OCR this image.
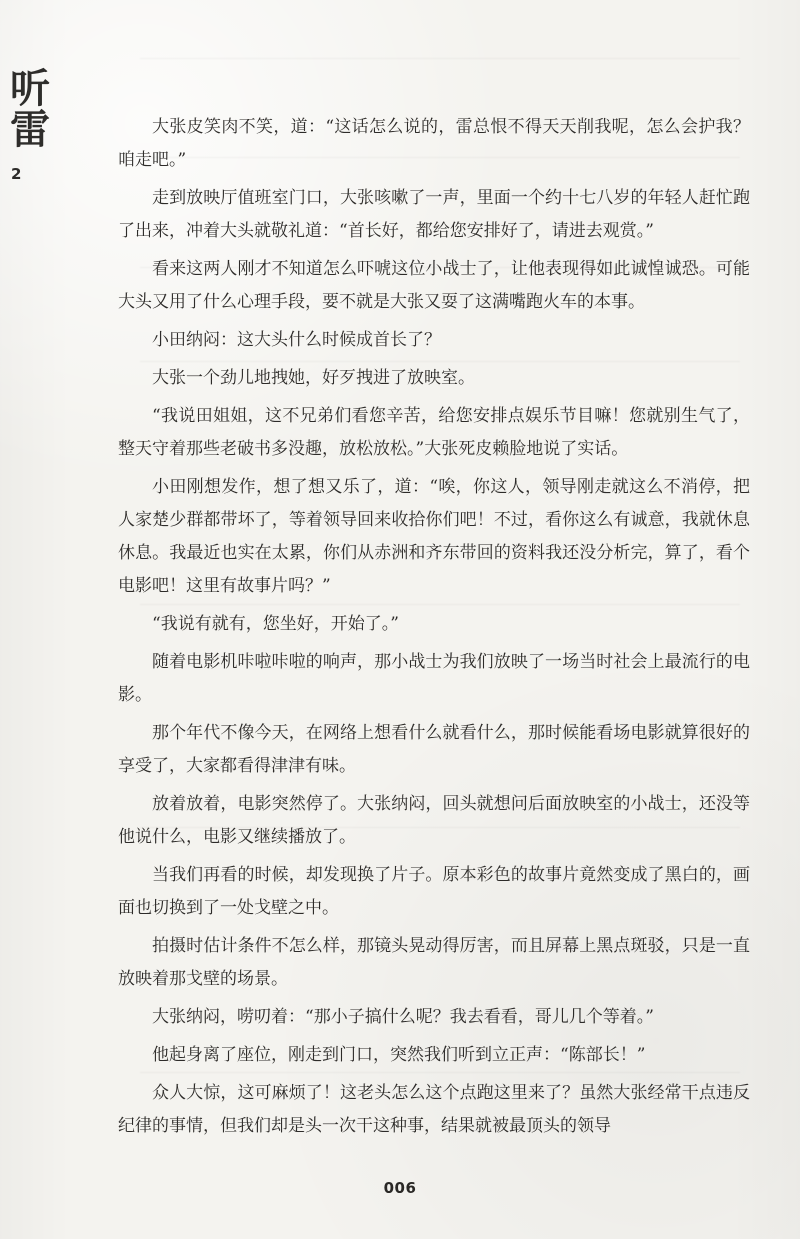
听
雷
2

大张皮笑肉不笑，道：“这话怎么说的，雷总恨不得天天削我呢，怎么会护我？咱走吧。”

走到放映厅值班室门口，大张咳嗽了一声，里面一个约十七八岁的年轻人赶忙跑了出来，冲着大头就敬礼道：“首长好，都给您安排好了，请进去观赏。”

看来这两人刚才不知道怎么吓唬这位小战士了，让他表现得如此诚惶诚恐。可能大头又用了什么心理手段，要不就是大张又耍了这满嘴跑火车的本事。

小田纳闷：这大头什么时候成首长了？

大张一个劲儿地拽她，好歹拽进了放映室。

“我说田姐姐，这不兄弟们看您辛苦，给您安排点娱乐节目嘛！您就别生气了，整天守着那些老破书多没趣，放松放松。”大张死皮赖脸地说了实话。

小田刚想发作，想了想又乐了，道：“唉，你这人，领导刚走就这么不消停，把人家楚少群都带坏了，等着领导回来收拾你们吧！不过，看你这么有诚意，我就休息休息。我最近也实在太累，你们从赤洲和齐东带回的资料我还没分析完，算了，看个电影吧！这里有故事片吗？”

“我说有就有，您坐好，开始了。”

随着电影机咔啦咔啦的响声，那小战士为我们放映了一场当时社会上最流行的电影。

那个年代不像今天，在网络上想看什么就看什么，那时候能看场电影就算很好的享受了，大家都看得津津有味。

放着放着，电影突然停了。大张纳闷，回头就想问后面放映室的小战士，还没等他说什么，电影又继续播放了。

当我们再看的时候，却发现换了片子。原本彩色的故事片竟然变成了黑白的，画面也切换到了一处戈壁之中。

拍摄时估计条件不怎么样，那镜头晃动得厉害，而且屏幕上黑点斑驳，只是一直放映着那戈壁的场景。

大张纳闷，唠叨着：“那小子搞什么呢？我去看看，哥儿几个等着。”

他起身离了座位，刚走到门口，突然我们听到立正声：“陈部长！”

众人大惊，这可麻烦了！这老头怎么这个点跑这里来了？虽然大张经常干点违反纪律的事情，但我们却是头一次干这种事，结果就被最顶头的领导

006
